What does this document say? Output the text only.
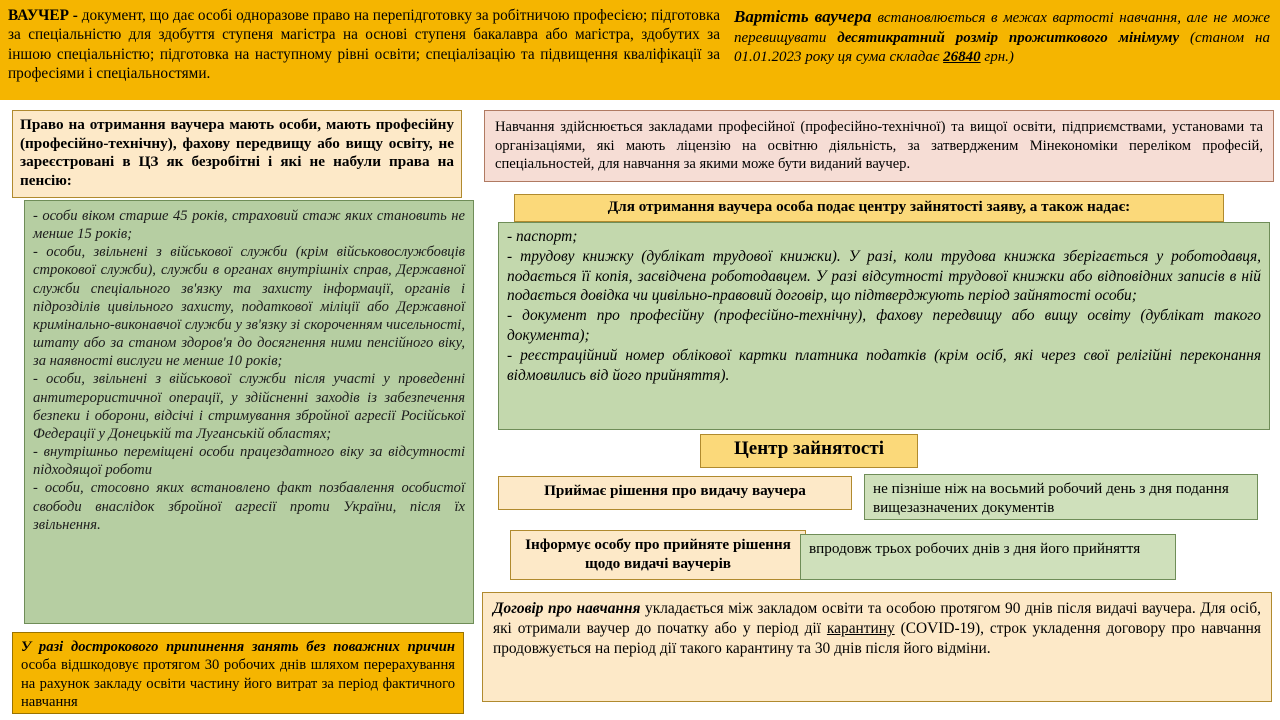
ВАУЧЕР - документ, що дає особі одноразове право на перепідготовку за робітничою професією; підготовка за спеціальністю для здобуття ступеня магістра на основі ступеня бакалавра або магістра, здобутих за іншою спеціальністю; підготовка на наступному рівні освіти; спеціалізацію та підвищення кваліфікації за професіями і спеціальностями.

Вартість ваучера встановлюється в межах вартості навчання, але не може перевищувати десятикратний розмір прожиткового мінімуму (станом на 01.01.2023 року ця сума складає 26840 грн.)

Право на отримання ваучера мають особи, мають професійну (професійно-технічну), фахову передвищу або вищу освіту, не зареєстровані в ЦЗ як безробітні і які не набули права на пенсію:

- особи віком старше 45 років, страховий стаж яких становить не менше 15 років;

- особи, звільнені з військової служби (крім військовослужбовців строкової служби), служби в органах внутрішніх справ, Державної служби спеціального зв'язку та захисту інформації, органів і підрозділів цивільного захисту, податкової міліції або Державної кримінально-виконавчої служби у зв'язку зі скороченням чисельності, штату або за станом здоров'я до досягнення ними пенсійного віку, за наявності вислуги не менше 10 років;

- особи, звільнені з військової служби після участі у проведенні антитерористичної операції, у здійсненні заходів із забезпечення безпеки і оборони, відсічі і стримування збройної агресії Російської Федерації у Донецькій та Луганській областях;

- внутрішньо переміщені особи працездатного віку за відсутності підходящої роботи

- особи, стосовно яких встановлено факт позбавлення особистої свободи внаслідок збройної агресії проти України, після їх звільнення.

У разі дострокового припинення занять без поважних причин особа відшкодовує протягом 30 робочих днів шляхом перерахування на рахунок закладу освіти частину його витрат за період фактичного навчання

Навчання здійснюється закладами професійної (професійно-технічної) та вищої освіти, підприємствами, установами та організаціями, які мають ліцензію на освітню діяльність, за затвердженим Мінекономіки переліком професій, спеціальностей, для навчання за якими може бути виданий ваучер.

Для отримання ваучера особа подає центру зайнятості заяву, а також надає:

- паспорт;

- трудову книжку (дублікат трудової книжки). У разі, коли трудова книжка зберігається у роботодавця, подається її копія, засвідчена роботодавцем. У разі відсутності трудової книжки або відповідних записів в ній подається довідка чи цивільно-правовий договір, що підтверджують період зайнятості особи;

- документ про професійну (професійно-технічну), фахову передвищу або вищу освіту (дублікат такого документа);

- реєстраційний номер облікової картки платника податків (крім осіб, які через свої релігійні переконання відмовились від його прийняття).

Центр зайнятості

Приймає рішення про видачу ваучера	не пізніше ніж на восьмий робочий день з дня подання вищезазначених документів

Інформує особу про прийняте рішення щодо видачі ваучерів

впродовж трьох робочих днів з дня його прийняття

Договір про навчання укладається між закладом освіти та особою протягом 90 днів після видачі ваучера. Для осіб, які отримали ваучер до початку або у період дії карантину (COVID-19), строк укладення договору про навчання продовжується на період дії такого карантину та 30 днів після його відміни.
